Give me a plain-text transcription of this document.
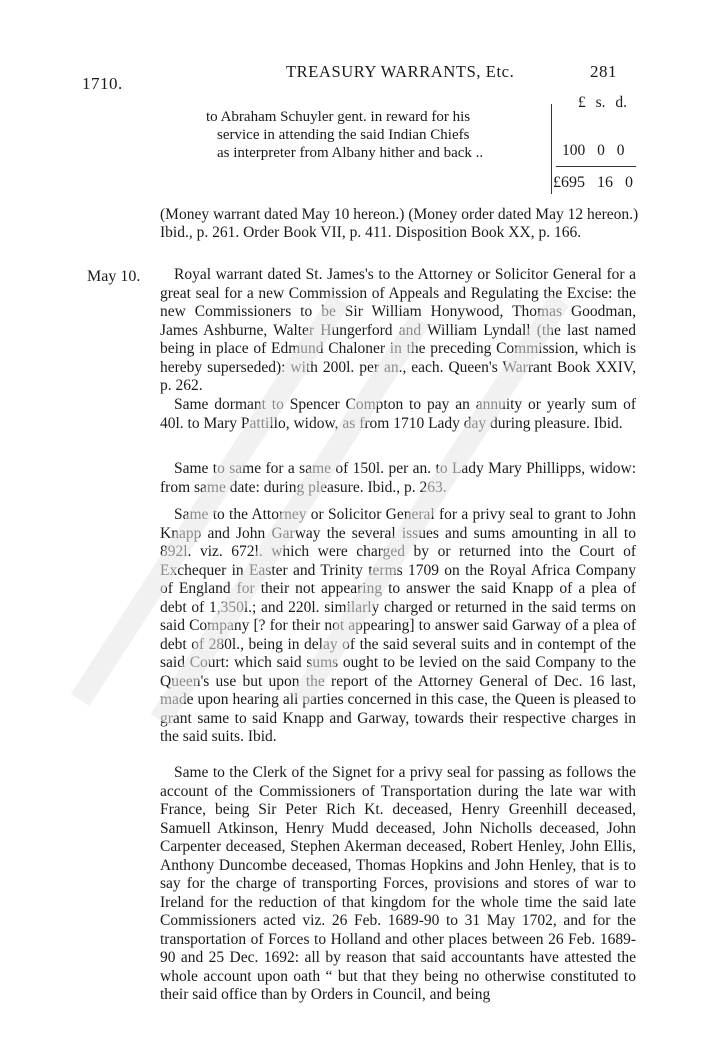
1710.
TREASURY WARRANTS, Etc.	281
£ s. d.
to Abraham Schuyler gent. in reward for his
service in attending the said Indian Chiefs
as interpreter from Albany hither and back ..	100 0 0
£695 16 0
(Money warrant dated May 10 hereon.) (Money order dated May 12 hereon.) Ibid., p. 261. Order Book VII, p. 411. Disposition Book XX, p. 166.
May 10.	Royal warrant dated St. James's to the Attorney or Solicitor General for a great seal for a new Commission of Appeals and Regulating the Excise: the new Commissioners to be Sir William Honywood, Thomas Goodman, James Ashburne, Walter Hungerford and William Lyndall (the last named being in place of Edmund Chaloner in the preceding Commission, which is hereby superseded): with 200l. per an., each. Queen's Warrant Book XXIV, p. 262.

Same dormant to Spencer Compton to pay an annuity or yearly sum of 40l. to Mary Pattillo, widow, as from 1710 Lady day during pleasure. Ibid.

Same to same for a same of 150l. per an. to Lady Mary Phillipps, widow: from same date: during pleasure. Ibid., p. 263.

Same to the Attorney or Solicitor General for a privy seal to grant to John Knapp and John Garway the several issues and sums amounting in all to 892l. viz. 672l. which were charged by or returned into the Court of Exchequer in Easter and Trinity terms 1709 on the Royal Africa Company of England for their not appearing to answer the said Knapp of a plea of debt of 1,350l.; and 220l. similarly charged or returned in the said terms on said Company [? for their not appearing] to answer said Garway of a plea of debt of 280l., being in delay of the said several suits and in contempt of the said Court: which said sums ought to be levied on the said Company to the Queen's use but upon the report of the Attorney General of Dec. 16 last, made upon hearing all parties concerned in this case, the Queen is pleased to grant same to said Knapp and Garway, towards their respective charges in the said suits. Ibid.

Same to the Clerk of the Signet for a privy seal for passing as follows the account of the Commissioners of Transportation during the late war with France, being Sir Peter Rich Kt. deceased, Henry Greenhill deceased, Samuell Atkinson, Henry Mudd deceased, John Nicholls deceased, John Carpenter deceased, Stephen Akerman deceased, Robert Henley, John Ellis, Anthony Duncombe deceased, Thomas Hopkins and John Henley, that is to say for the charge of transporting Forces, provisions and stores of war to Ireland for the reduction of that kingdom for the whole time the said late Commissioners acted viz. 26 Feb. 1689-90 to 31 May 1702, and for the transportation of Forces to Holland and other places between 26 Feb. 1689-90 and 25 Dec. 1692: all by reason that said accountants have attested the whole account upon oath “ but that they being no otherwise constituted to their said office than by Orders in Council, and being
